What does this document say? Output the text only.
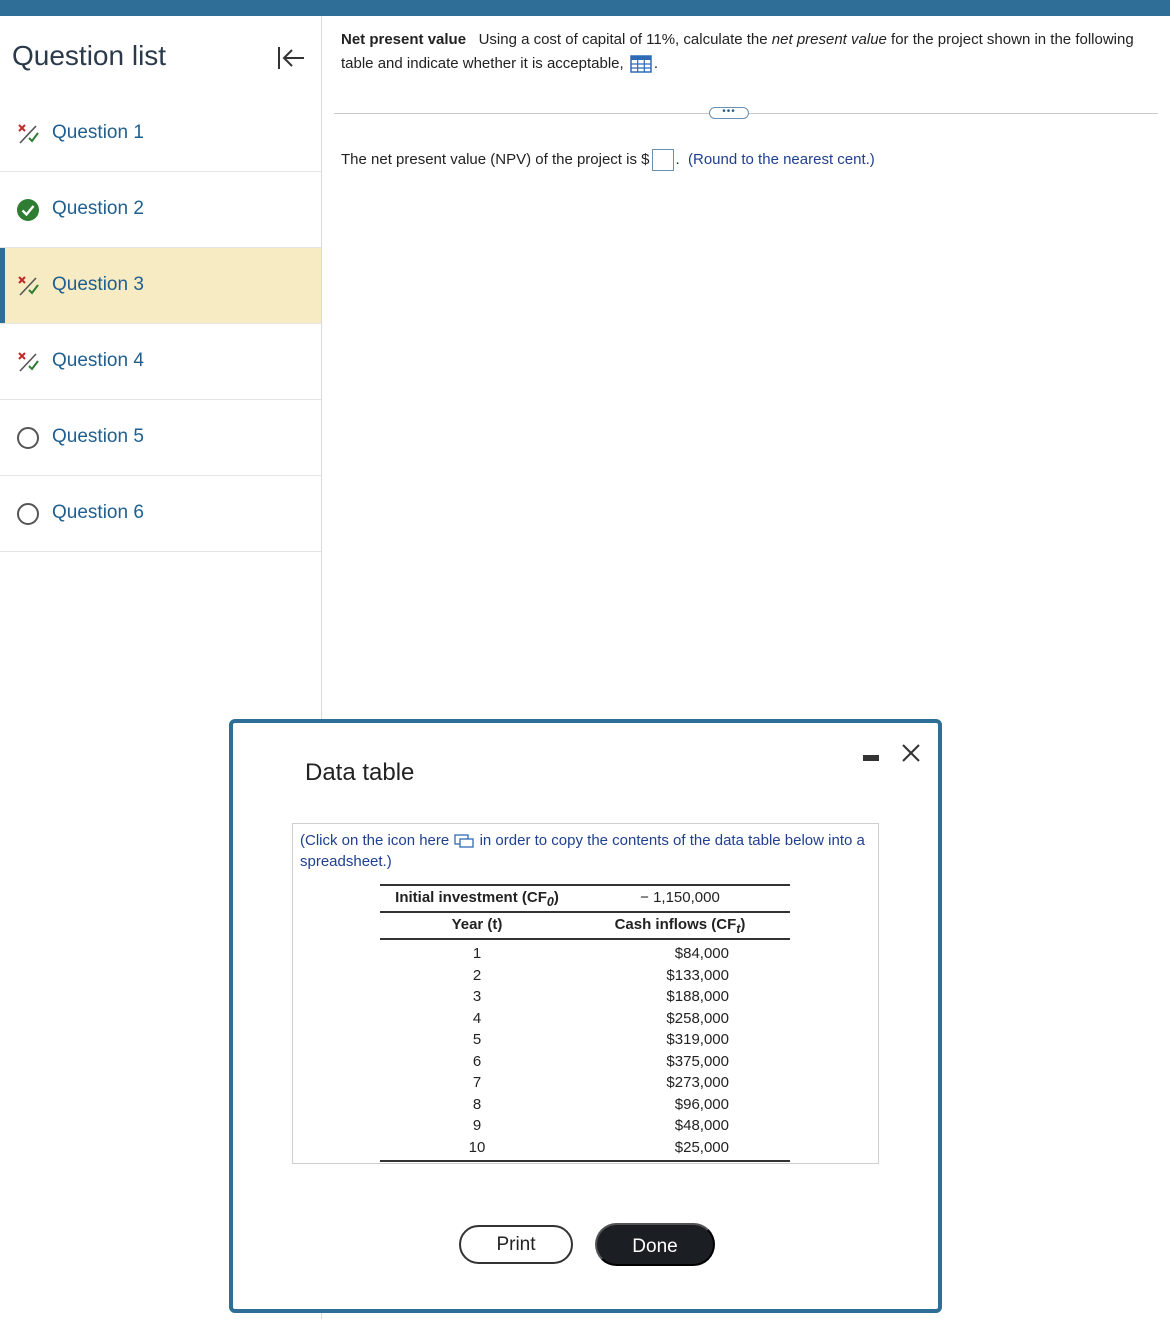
Question list
Question 1
Question 2
Question 3
Question 4
Question 5
Question 6
Net present value Using a cost of capital of 11%, calculate the net present value for the project shown in the following table and indicate whether it is acceptable, .
•••
The net present value (NPV) of the project is $ . (Round to the nearest cent.)
Data table
(Click on the icon here in order to copy the contents of the data table below into a spreadsheet.)
Initial investment $(CF_0)$	− 1,150,000
Year (t)	Cash inflows $(CF_t)$
1	$84,000
2	$133,000
3	$188,000
4	$258,000
5	$319,000
6	$375,000
7	$273,000
8	$96,000
9	$48,000
10	$25,000
Print	Done
